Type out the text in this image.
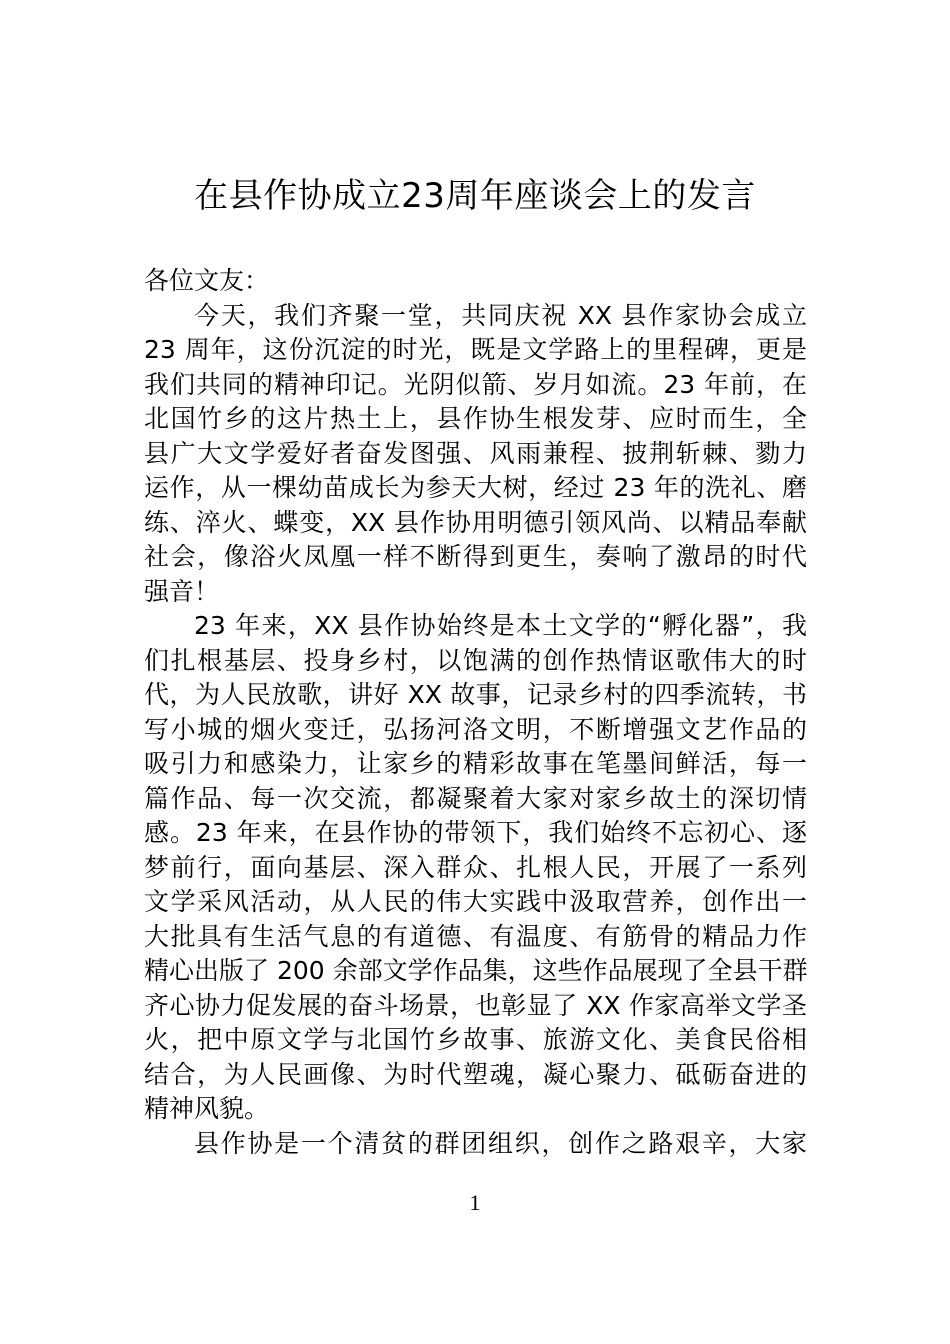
在县作协成立23周年座谈会上的发言
各位文友：
今天，我们齐聚一堂，共同庆祝 XX 县作家协会成立
23 周年，这份沉淀的时光，既是文学路上的里程碑，更是
我们共同的精神印记。光阴似箭、岁月如流。23 年前，在
北国竹乡的这片热土上，县作协生根发芽、应时而生，全
县广大文学爱好者奋发图强、风雨兼程、披荆斩棘、勠力
运作，从一棵幼苗成长为参天大树，经过 23 年的洗礼、磨
练、淬火、蝶变，XX 县作协用明德引领风尚、以精品奉献
社会，像浴火凤凰一样不断得到更生，奏响了激昂的时代
强音！
23 年来，XX 县作协始终是本土文学的“孵化器”，我
们扎根基层、投身乡村，以饱满的创作热情讴歌伟大的时
代，为人民放歌，讲好 XX 故事，记录乡村的四季流转，书
写小城的烟火变迁，弘扬河洛文明，不断增强文艺作品的
吸引力和感染力，让家乡的精彩故事在笔墨间鲜活，每一
篇作品、每一次交流，都凝聚着大家对家乡故土的深切情
感。23 年来，在县作协的带领下，我们始终不忘初心、逐
梦前行，面向基层、深入群众、扎根人民，开展了一系列
文学采风活动，从人民的伟大实践中汲取营养，创作出一
大批具有生活气息的有道德、有温度、有筋骨的精品力作
精心出版了 200 余部文学作品集，这些作品展现了全县干群
齐心协力促发展的奋斗场景，也彰显了 XX 作家高举文学圣
火，把中原文学与北国竹乡故事、旅游文化、美食民俗相
结合，为人民画像、为时代塑魂，凝心聚力、砥砺奋进的
精神风貌。
县作协是一个清贫的群团组织，创作之路艰辛，大家
1
